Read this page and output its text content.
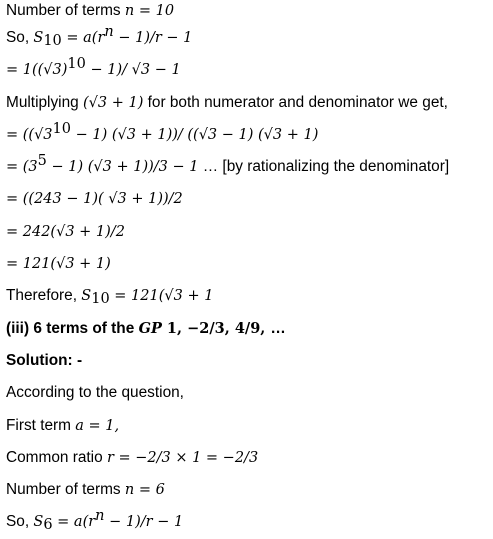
Number of terms n = 10
So, $S_{10} = a(r^n - 1)/r - 1$
= $1((√3)^{10} - 1)/$ √3 − 1
Multiplying (√3 + 1) for both numerator and denominator we get,
= $((√3^{10} - 1) (√3 + 1))/$ ((√3 − 1) (√3 + 1)
= $(3^5 - 1) (√3 + 1))/3 - 1$ … [by rationalizing the denominator]
= ((243 − 1)( √3 + 1))/2
= 242(√3 + 1)/2
= 121(√3 + 1)
Therefore, $S_{10} = 121(√3 + 1$
(iii) 6 terms of the GP 1, −2/3, 4/9, …
Solution: -
According to the question,
First term a = 1,
Common ratio r = −2/3 × 1 = −2/3
Number of terms n = 6
So, $S_6 = a(r^n - 1)/r - 1$
